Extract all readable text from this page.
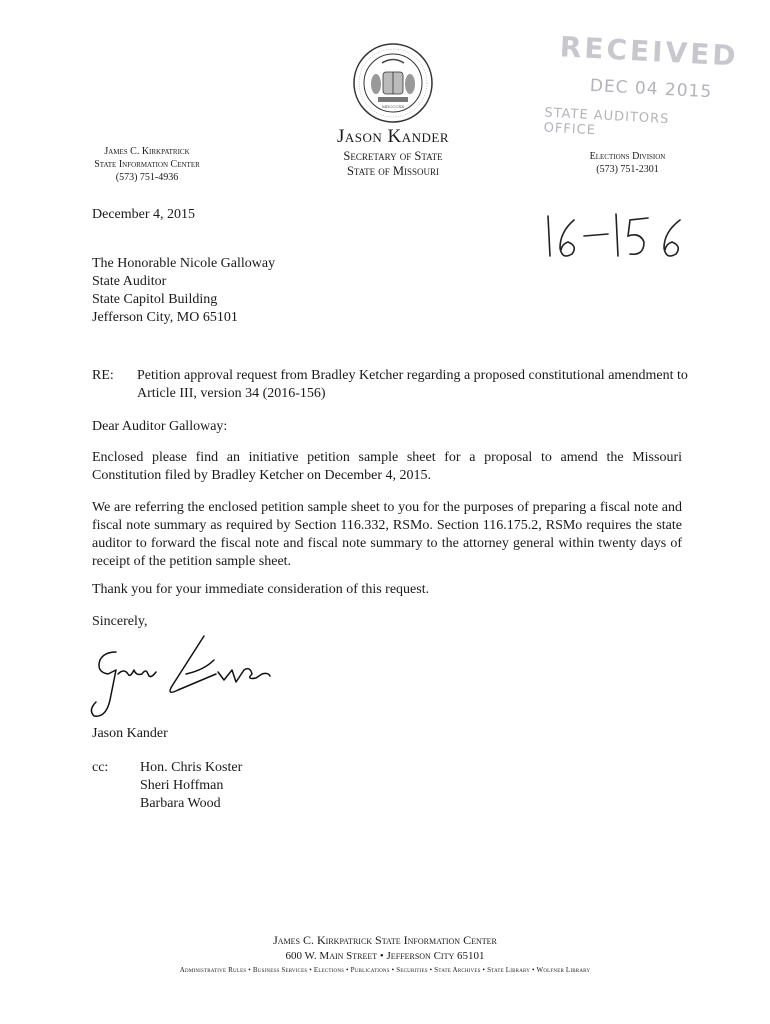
MDCCCXX
Jason Kander
Secretary of State
State of Missouri
James C. Kirkpatrick
State Information Center
(573) 751-4936
Elections Division
(573) 751-2301
RECEIVED
DEC 04 2015
STATE AUDITORS OFFICE
December 4, 2015
The Honorable Nicole Galloway
State Auditor
State Capitol Building
Jefferson City, MO 65101
RE: Petition approval request from Bradley Ketcher regarding a proposed constitutional amendment to Article III, version 34 (2016-156)
Dear Auditor Galloway:
Enclosed please find an initiative petition sample sheet for a proposal to amend the Missouri Constitution filed by Bradley Ketcher on December 4, 2015.
We are referring the enclosed petition sample sheet to you for the purposes of preparing a fiscal note and fiscal note summary as required by Section 116.332, RSMo. Section 116.175.2, RSMo requires the state auditor to forward the fiscal note and fiscal note summary to the attorney general within twenty days of receipt of the petition sample sheet.
Thank you for your immediate consideration of this request.
Sincerely,
Jason Kander
cc: Hon. Chris Koster
Sheri Hoffman
Barbara Wood
James C. Kirkpatrick State Information Center
600 W. Main Street • Jefferson City 65101
Administrative Rules • Business Services • Elections • Publications • Securities • State Archives • State Library • Wolfner Library
